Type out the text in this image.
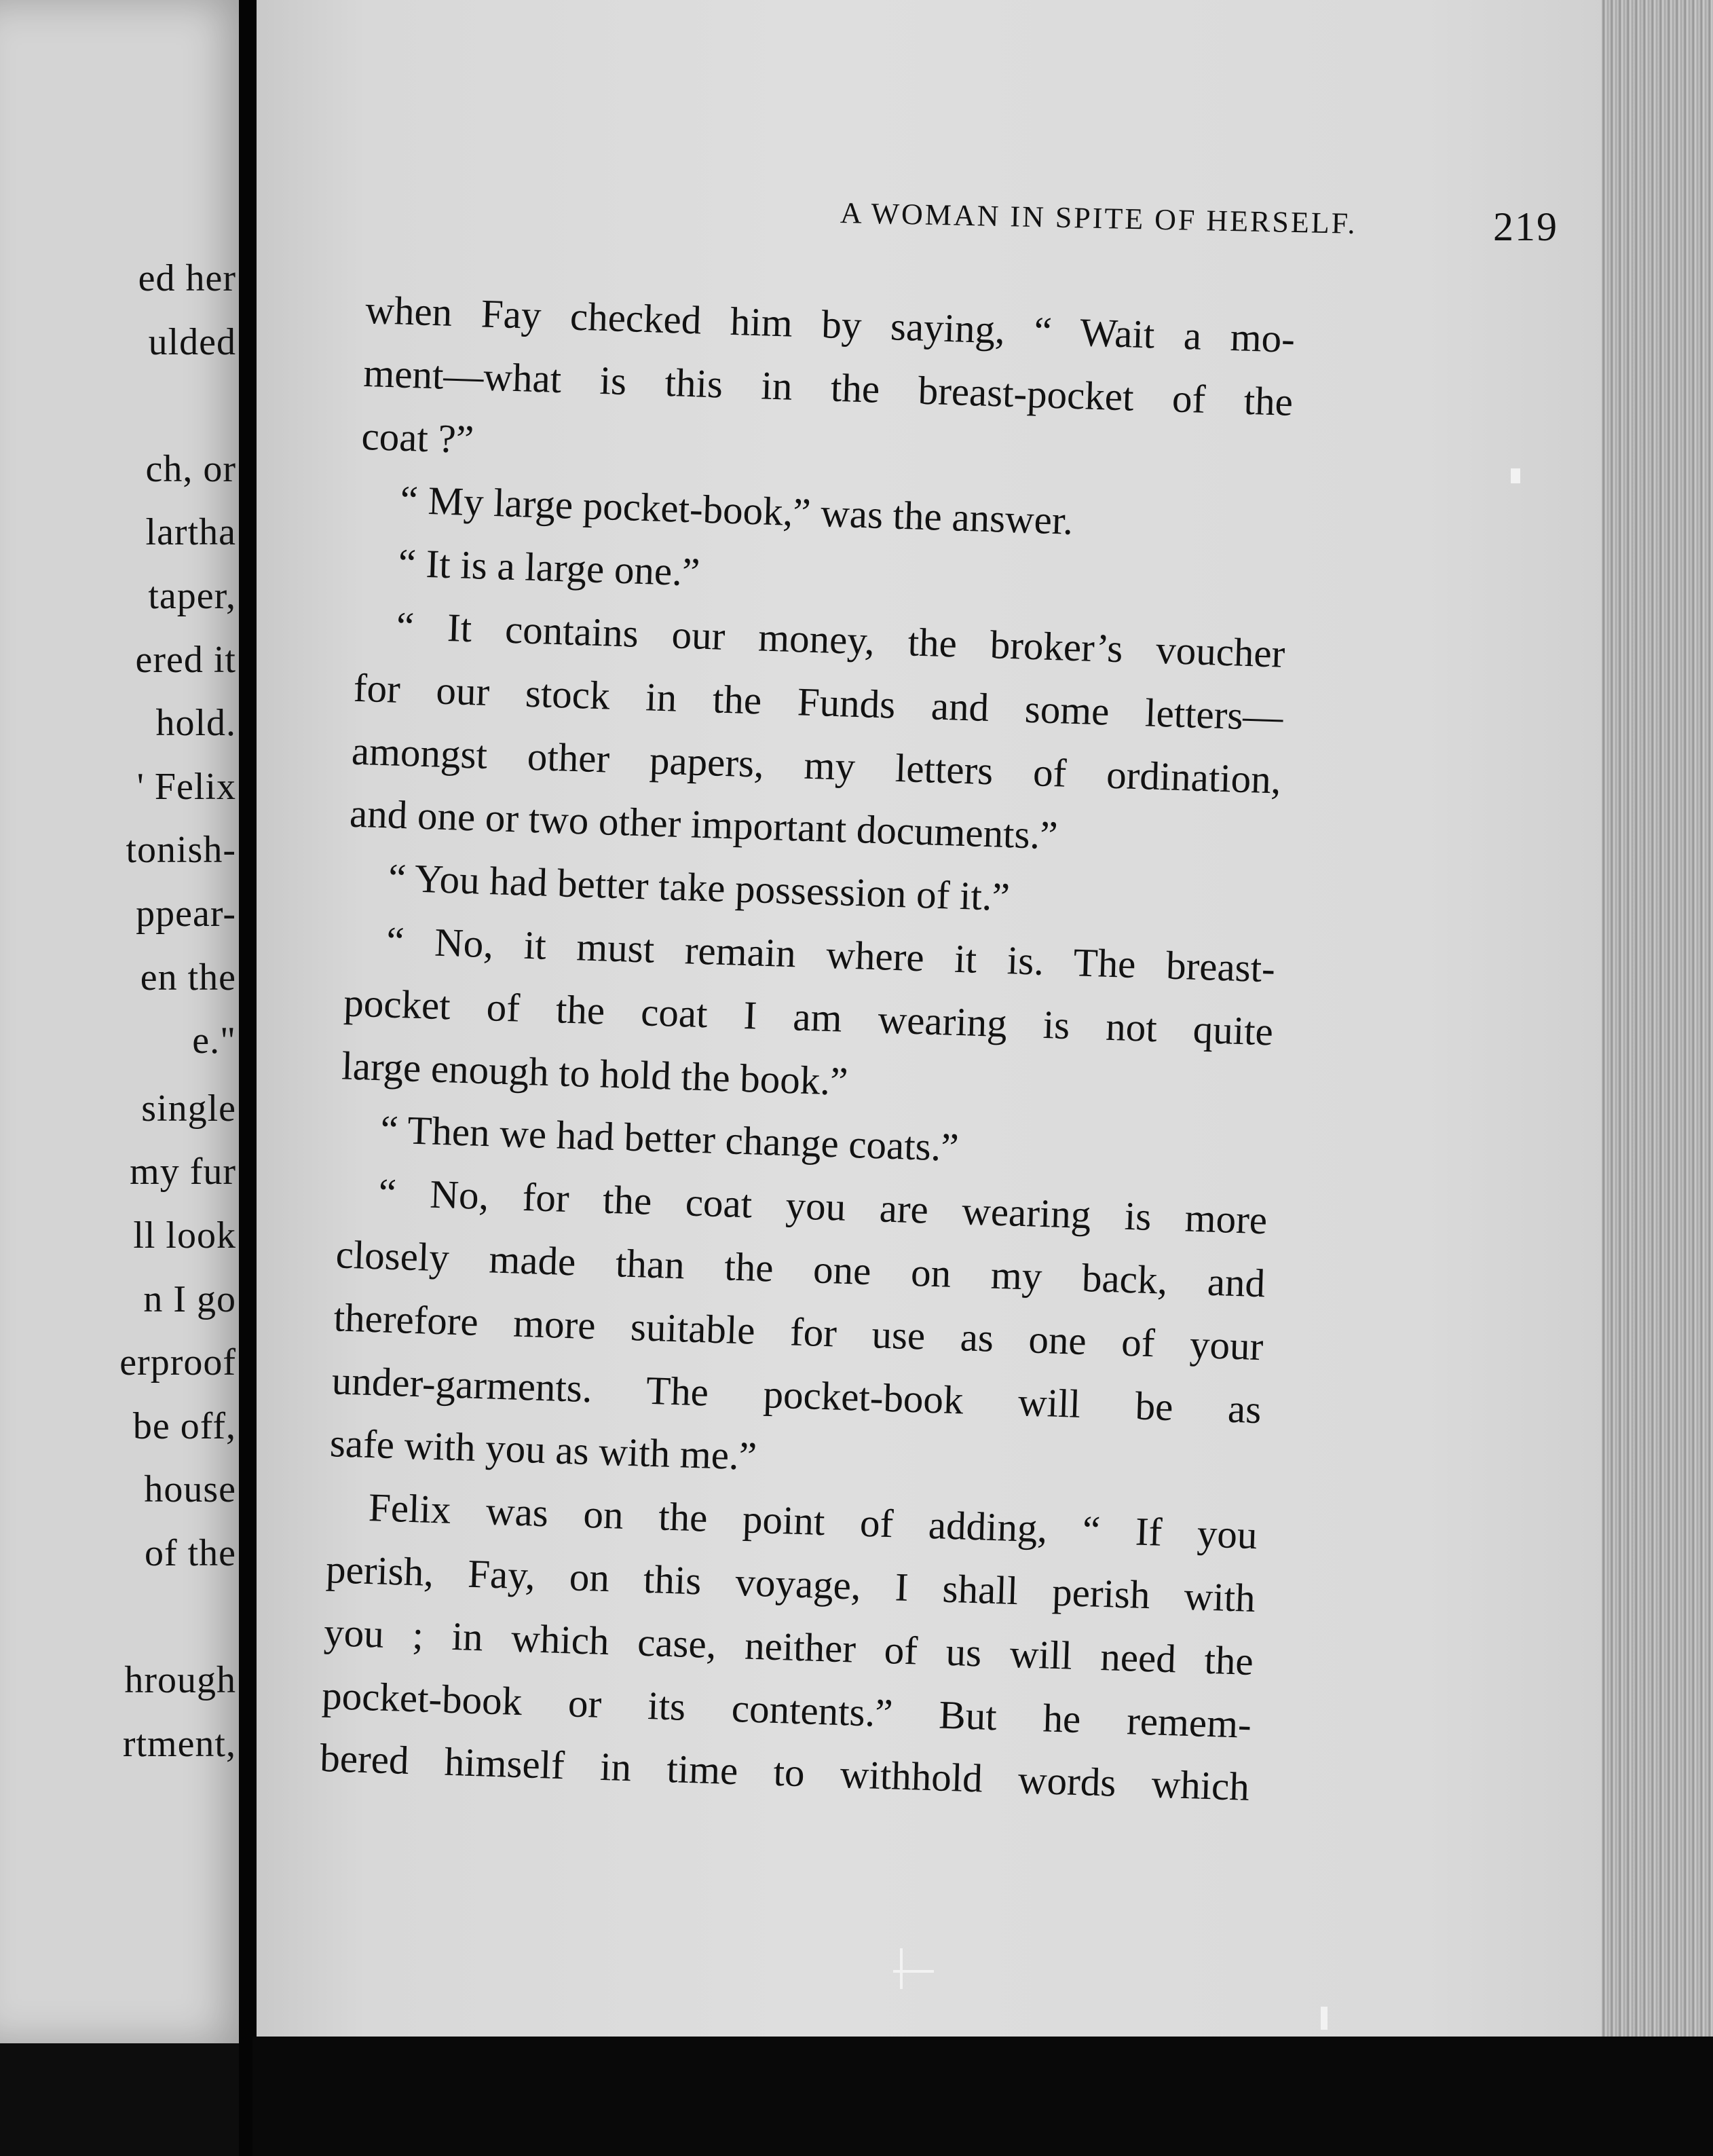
ed her
ulded
ch, or
lartha
taper,
ered it
hold.
' Felix
tonish-
ppear-
en the
e."
single
my fur
ll look
n I go
erproof
be off,
house
of the
hrough
rtment,
A WOMAN IN SPITE OF HERSELF.	219
when Fay checked him by saying, “ Wait a mo-
ment—what is this in the breast-pocket of the
coat ?”
“ My large pocket-book,” was the answer.
“ It is a large one.”
“ It contains our money, the broker’s voucher
for our stock in the Funds and some letters—
amongst other papers, my letters of ordination,
and one or two other important documents.”
“ You had better take possession of it.”
“ No, it must remain where it is. The breast-
pocket of the coat I am wearing is not quite
large enough to hold the book.”
“ Then we had better change coats.”
“ No, for the coat you are wearing is more
closely made than the one on my back, and
therefore more suitable for use as one of your
under-garments. The pocket-book will be as
safe with you as with me.”
Felix was on the point of adding, “ If you
perish, Fay, on this voyage, I shall perish with
you ; in which case, neither of us will need the
pocket-book or its contents.” But he remem-
bered himself in time to withhold words which
